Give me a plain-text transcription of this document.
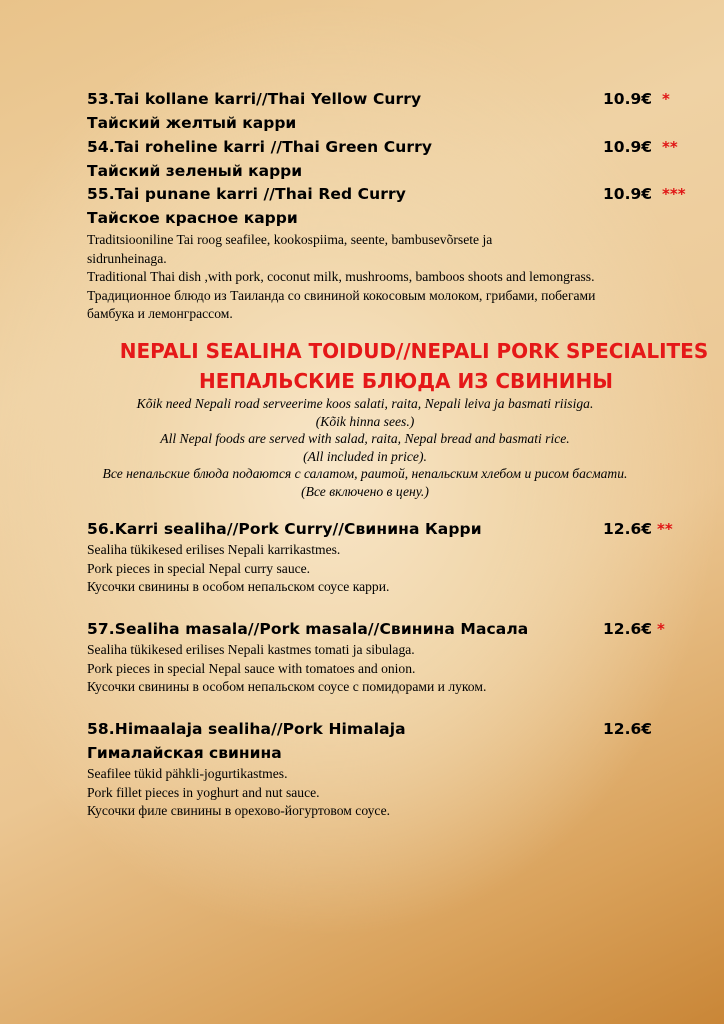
53.Tai kollane karri//Thai Yellow Curry	10.9€ *
Тайский желтый карри
54.Tai roheline karri //Thai Green Curry	10.9€ **
Тайский зеленый карри
55.Tai punane karri //Thai Red Curry	10.9€ ***
Тайское красное карри
Traditsiooniline Tai roog seafilee, kookospiima, seente, bambusevõrsete ja
sidrunheinaga.
Traditional Thai dish ,with pork, coconut milk, mushrooms, bamboos shoots and lemongrass.
Традиционное блюдо из Таиланда со свининой кокосовым молоком, грибами, побегами
бамбука и лемонграссом.
NEPALI SEALIHA TOIDUD//NEPALI PORK SPECIALITES
НЕПАЛЬСКИЕ БЛЮДА ИЗ СВИНИНЫ
Kõik need Nepali road serveerime koos salati, raita, Nepali leiva ja basmati riisiga.
(Kõik hinna sees.)
All Nepal foods are served with salad, raita, Nepal bread and basmati rice.
(All included in price).
Все непальские блюда подаются с салатом, раитой, непальским хлебом и рисом басмати.
(Все включено в цену.)
56.Karri sealiha//Pork Curry//Свинина Карри	12.6€ **
Sealiha tükikesed erilises Nepali karrikastmes.
Pork pieces in special Nepal curry sauce.
Кусочки свинины в особом непальском соусе карри.
57.Sealiha masala//Pork masala//Свинина Масала	12.6€ *
Sealiha tükikesed erilises Nepali kastmes tomati ja sibulaga.
Pork pieces in special Nepal sauce with tomatoes and onion.
Кусочки свинины в особом непальском соусе с помидорами и луком.
58.Himaalaja sealiha//Pork Himalaja	12.6€
Гималайская свинина
Seafilee tükid pähkli-jogurtikastmes.
Pork fillet pieces in yoghurt and nut sauce.
Кусочки филе свинины в орехово-йогуртовом соусе.
